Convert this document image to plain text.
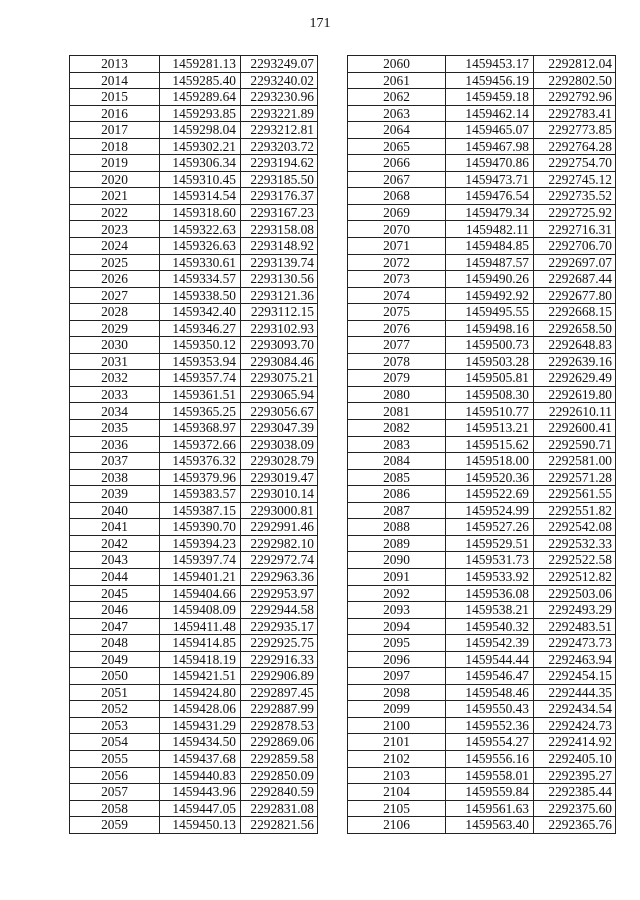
171
2013	1459281.13	2293249.07
2014	1459285.40	2293240.02
2015	1459289.64	2293230.96
2016	1459293.85	2293221.89
2017	1459298.04	2293212.81
2018	1459302.21	2293203.72
2019	1459306.34	2293194.62
2020	1459310.45	2293185.50
2021	1459314.54	2293176.37
2022	1459318.60	2293167.23
2023	1459322.63	2293158.08
2024	1459326.63	2293148.92
2025	1459330.61	2293139.74
2026	1459334.57	2293130.56
2027	1459338.50	2293121.36
2028	1459342.40	2293112.15
2029	1459346.27	2293102.93
2030	1459350.12	2293093.70
2031	1459353.94	2293084.46
2032	1459357.74	2293075.21
2033	1459361.51	2293065.94
2034	1459365.25	2293056.67
2035	1459368.97	2293047.39
2036	1459372.66	2293038.09
2037	1459376.32	2293028.79
2038	1459379.96	2293019.47
2039	1459383.57	2293010.14
2040	1459387.15	2293000.81
2041	1459390.70	2292991.46
2042	1459394.23	2292982.10
2043	1459397.74	2292972.74
2044	1459401.21	2292963.36
2045	1459404.66	2292953.97
2046	1459408.09	2292944.58
2047	1459411.48	2292935.17
2048	1459414.85	2292925.75
2049	1459418.19	2292916.33
2050	1459421.51	2292906.89
2051	1459424.80	2292897.45
2052	1459428.06	2292887.99
2053	1459431.29	2292878.53
2054	1459434.50	2292869.06
2055	1459437.68	2292859.58
2056	1459440.83	2292850.09
2057	1459443.96	2292840.59
2058	1459447.05	2292831.08
2059	1459450.13	2292821.56
2060	1459453.17	2292812.04
2061	1459456.19	2292802.50
2062	1459459.18	2292792.96
2063	1459462.14	2292783.41
2064	1459465.07	2292773.85
2065	1459467.98	2292764.28
2066	1459470.86	2292754.70
2067	1459473.71	2292745.12
2068	1459476.54	2292735.52
2069	1459479.34	2292725.92
2070	1459482.11	2292716.31
2071	1459484.85	2292706.70
2072	1459487.57	2292697.07
2073	1459490.26	2292687.44
2074	1459492.92	2292677.80
2075	1459495.55	2292668.15
2076	1459498.16	2292658.50
2077	1459500.73	2292648.83
2078	1459503.28	2292639.16
2079	1459505.81	2292629.49
2080	1459508.30	2292619.80
2081	1459510.77	2292610.11
2082	1459513.21	2292600.41
2083	1459515.62	2292590.71
2084	1459518.00	2292581.00
2085	1459520.36	2292571.28
2086	1459522.69	2292561.55
2087	1459524.99	2292551.82
2088	1459527.26	2292542.08
2089	1459529.51	2292532.33
2090	1459531.73	2292522.58
2091	1459533.92	2292512.82
2092	1459536.08	2292503.06
2093	1459538.21	2292493.29
2094	1459540.32	2292483.51
2095	1459542.39	2292473.73
2096	1459544.44	2292463.94
2097	1459546.47	2292454.15
2098	1459548.46	2292444.35
2099	1459550.43	2292434.54
2100	1459552.36	2292424.73
2101	1459554.27	2292414.92
2102	1459556.16	2292405.10
2103	1459558.01	2292395.27
2104	1459559.84	2292385.44
2105	1459561.63	2292375.60
2106	1459563.40	2292365.76
